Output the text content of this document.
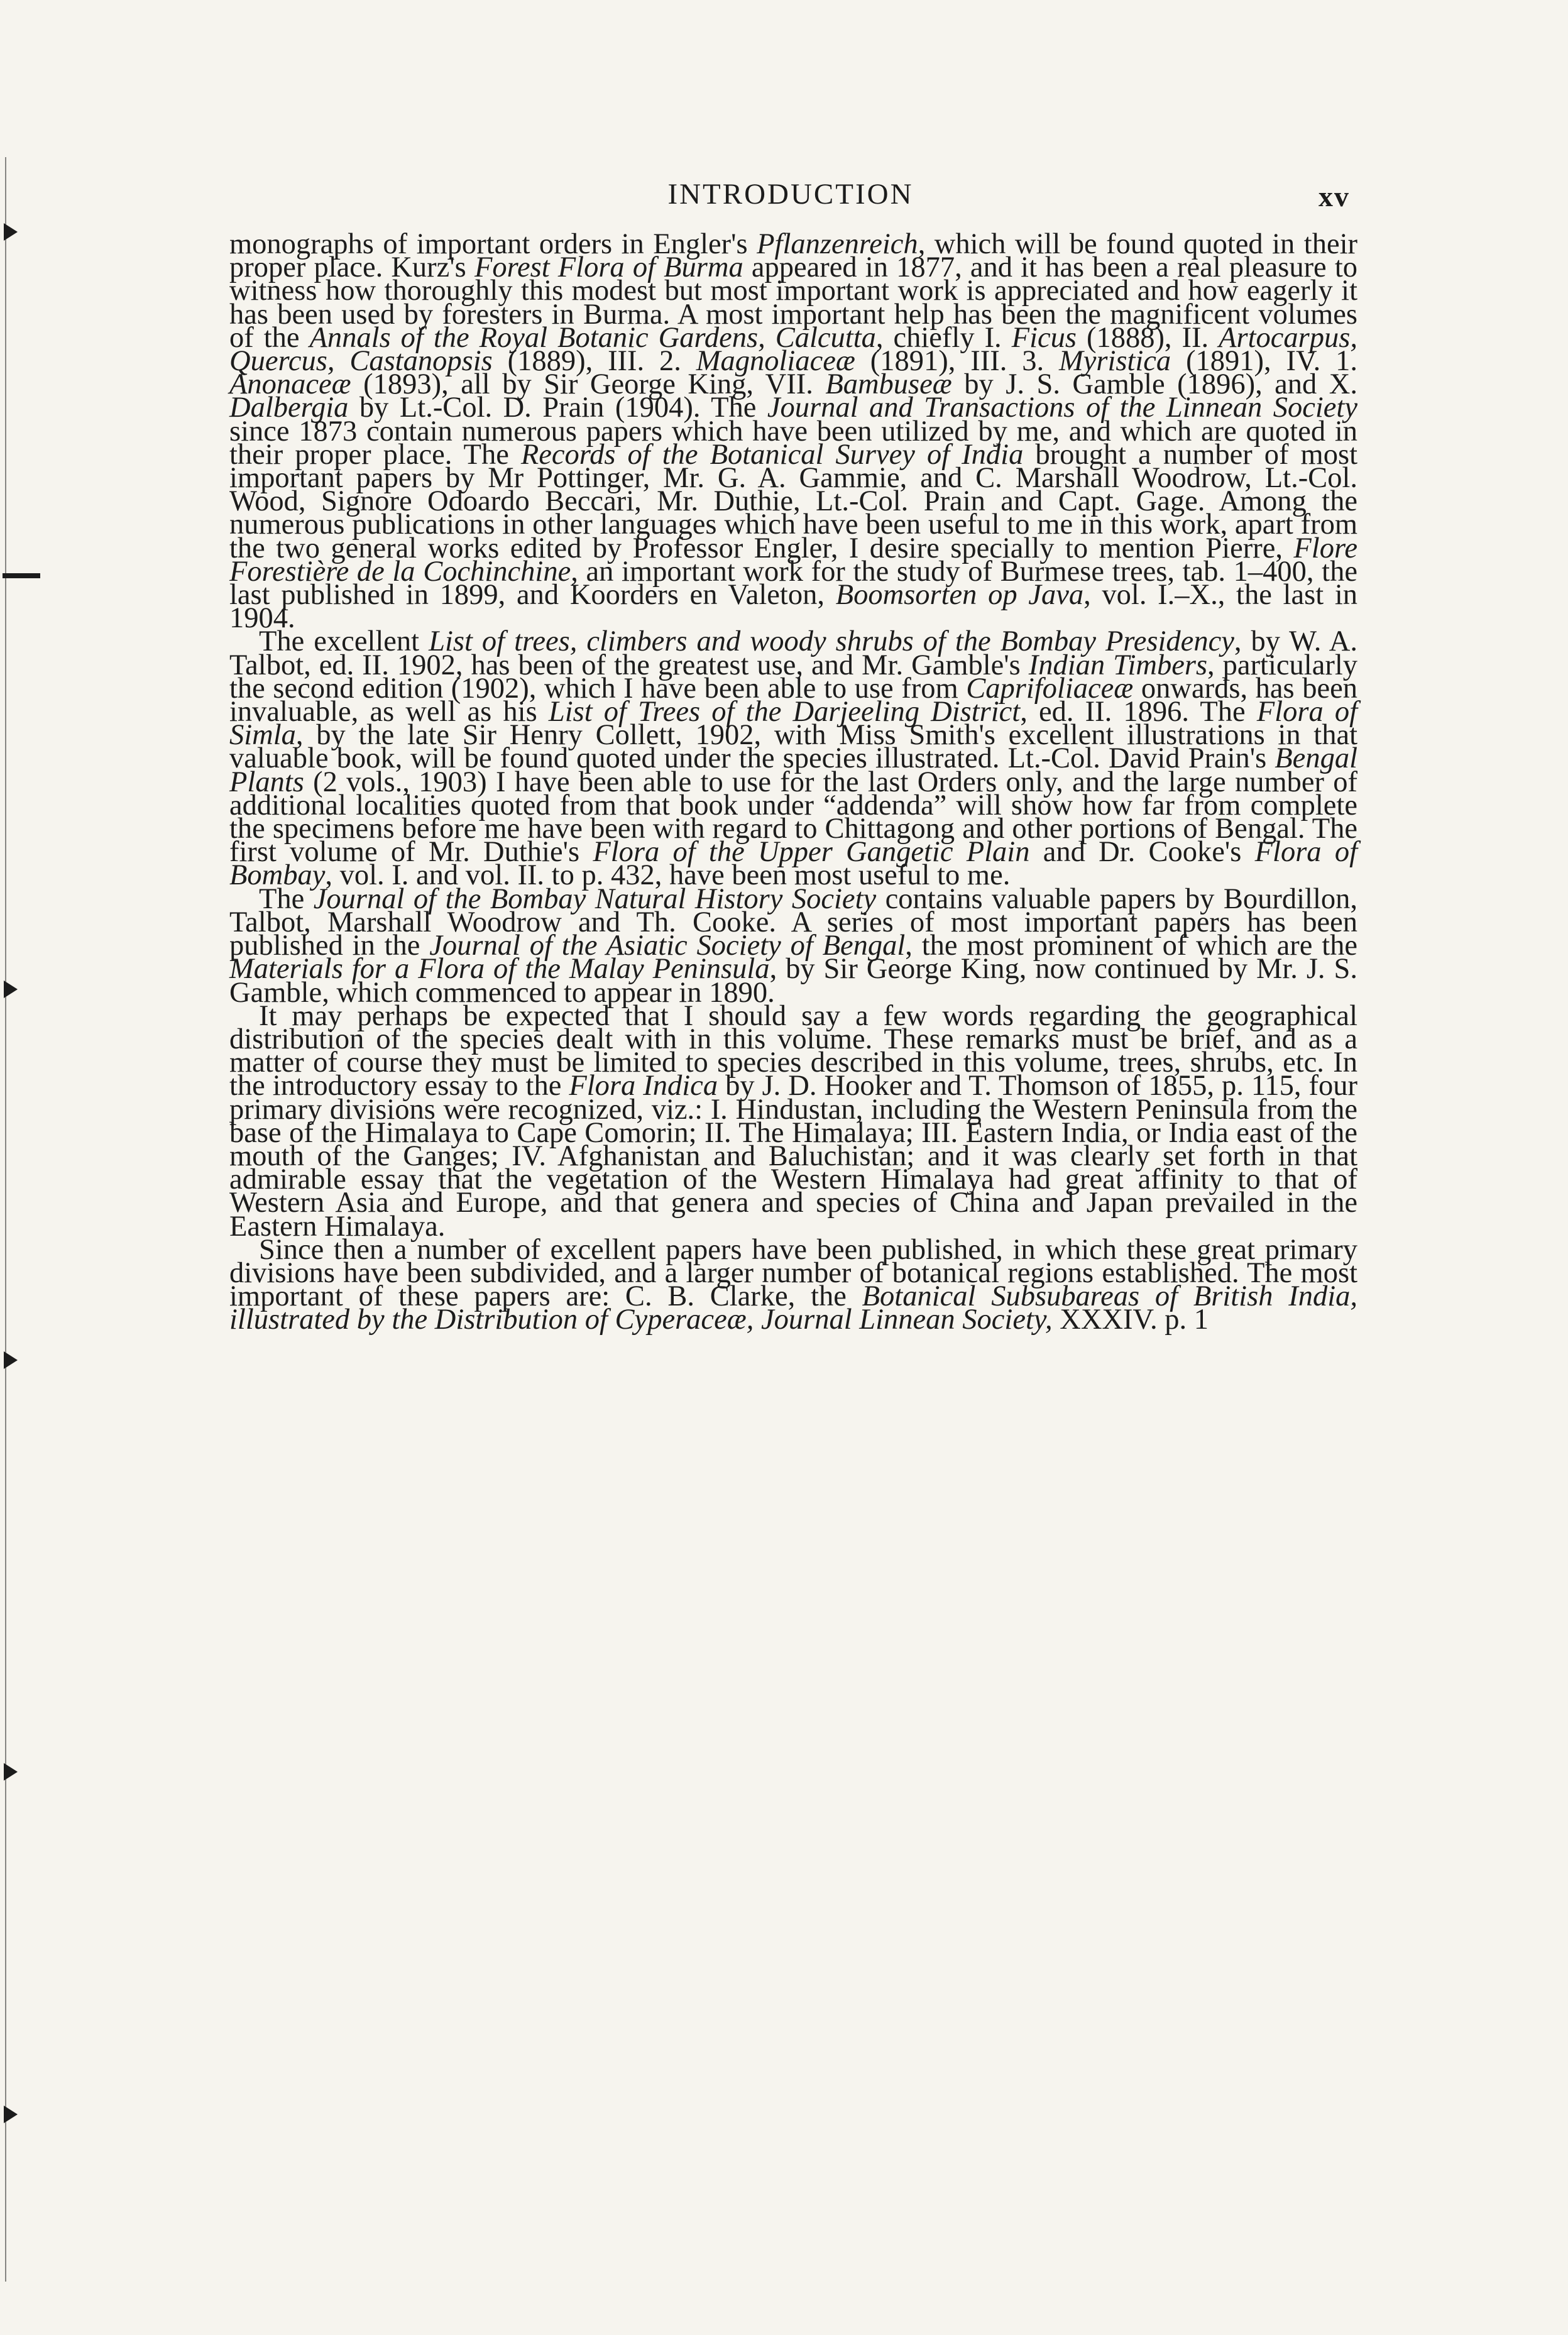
INTRODUCTION	xv

monographs of important orders in Engler's Pflanzenreich, which will be found quoted in their proper place. Kurz's Forest Flora of Burma appeared in 1877, and it has been a real pleasure to witness how thoroughly this modest but most important work is appreciated and how eagerly it has been used by foresters in Burma. A most important help has been the magnificent volumes of the Annals of the Royal Botanic Gardens, Calcutta, chiefly I. Ficus (1888), II. Artocarpus, Quercus, Castanopsis (1889), III. 2. Magnoliaceæ (1891), III. 3. Myristica (1891), IV. 1. Anonaceæ (1893), all by Sir George King, VII. Bambuseæ by J. S. Gamble (1896), and X. Dalbergia by Lt.-Col. D. Prain (1904). The Journal and Transactions of the Linnean Society since 1873 contain numerous papers which have been utilized by me, and which are quoted in their proper place. The Records of the Botanical Survey of India brought a number of most important papers by Mr Pottinger, Mr. G. A. Gammie, and C. Marshall Woodrow, Lt.-Col. Wood, Signore Odoardo Beccari, Mr. Duthie, Lt.-Col. Prain and Capt. Gage. Among the numerous publications in other languages which have been useful to me in this work, apart from the two general works edited by Professor Engler, I desire specially to mention Pierre, Flore Forestière de la Cochinchine, an important work for the study of Burmese trees, tab. 1–400, the last published in 1899, and Koorders en Valeton, Boomsorten op Java, vol. I.–X., the last in 1904.

The excellent List of trees, climbers and woody shrubs of the Bombay Presidency, by W. A. Talbot, ed. II. 1902, has been of the greatest use, and Mr. Gamble's Indian Timbers, particularly the second edition (1902), which I have been able to use from Caprifoliaceæ onwards, has been invaluable, as well as his List of Trees of the Darjeeling District, ed. II. 1896. The Flora of Simla, by the late Sir Henry Collett, 1902, with Miss Smith's excellent illustrations in that valuable book, will be found quoted under the species illustrated. Lt.-Col. David Prain's Bengal Plants (2 vols., 1903) I have been able to use for the last Orders only, and the large number of additional localities quoted from that book under “addenda” will show how far from complete the specimens before me have been with regard to Chittagong and other portions of Bengal. The first volume of Mr. Duthie's Flora of the Upper Gangetic Plain and Dr. Cooke's Flora of Bombay, vol. I. and vol. II. to p. 432, have been most useful to me.

The Journal of the Bombay Natural History Society contains valuable papers by Bourdillon, Talbot, Marshall Woodrow and Th. Cooke. A series of most important papers has been published in the Journal of the Asiatic Society of Bengal, the most prominent of which are the Materials for a Flora of the Malay Peninsula, by Sir George King, now continued by Mr. J. S. Gamble, which commenced to appear in 1890.

It may perhaps be expected that I should say a few words regarding the geographical distribution of the species dealt with in this volume. These remarks must be brief, and as a matter of course they must be limited to species described in this volume, trees, shrubs, etc. In the introductory essay to the Flora Indica by J. D. Hooker and T. Thomson of 1855, p. 115, four primary divisions were recognized, viz.: I. Hindustan, including the Western Peninsula from the base of the Himalaya to Cape Comorin; II. The Himalaya; III. Eastern India, or India east of the mouth of the Ganges; IV. Afghanistan and Baluchistan; and it was clearly set forth in that admirable essay that the vegetation of the Western Himalaya had great affinity to that of Western Asia and Europe, and that genera and species of China and Japan prevailed in the Eastern Himalaya.

Since then a number of excellent papers have been published, in which these great primary divisions have been subdivided, and a larger number of botanical regions established. The most important of these papers are: C. B. Clarke, the Botanical Subsubareas of British India, illustrated by the Distribution of Cyperaceæ, Journal Linnean Society, XXXIV. p. 1
